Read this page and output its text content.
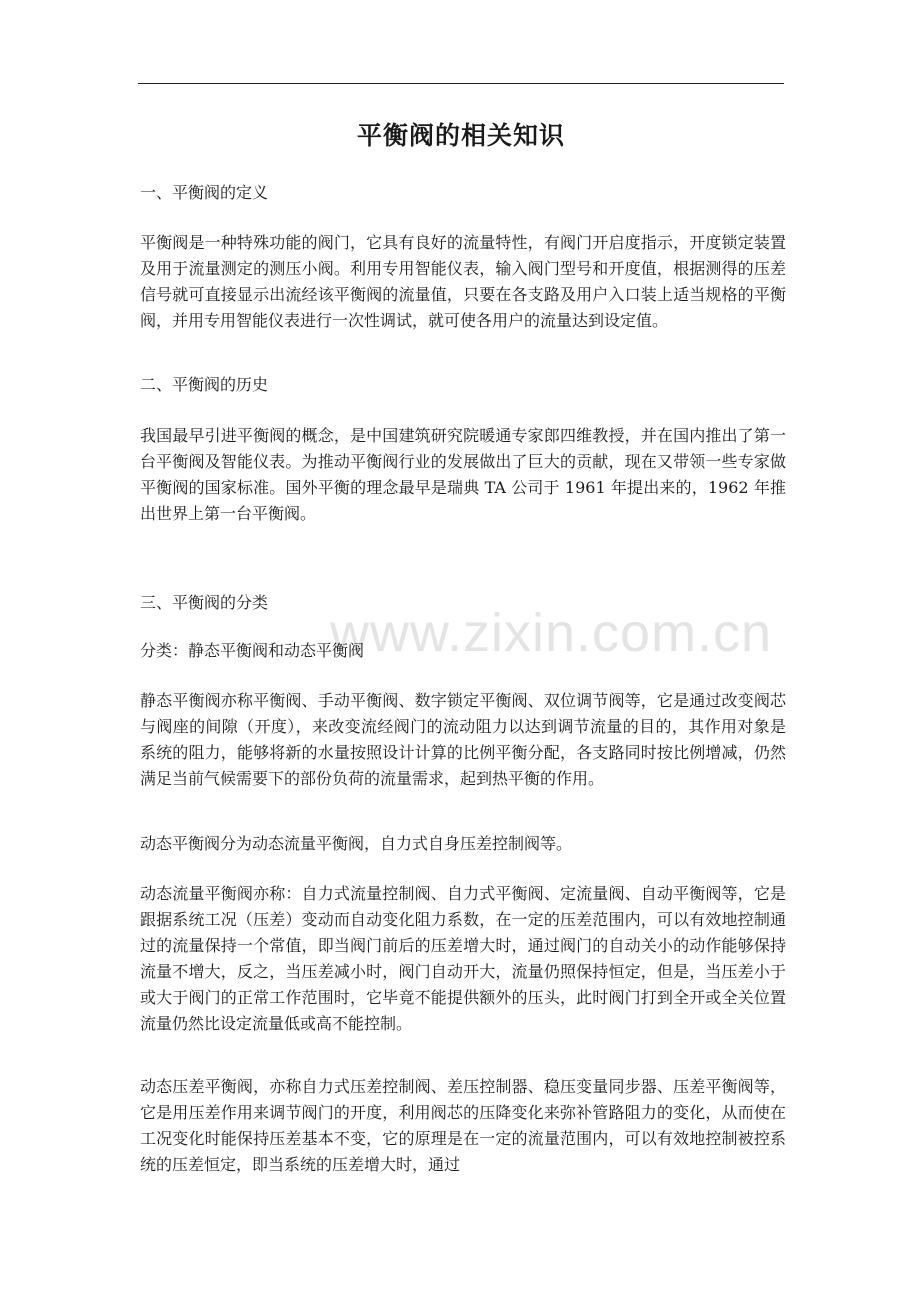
www.zixin.com.cn
平衡阀的相关知识

一、平衡阀的定义

平衡阀是一种特殊功能的阀门，它具有良好的流量特性，有阀门开启度指示，开度锁定装置及用于流量测定的测压小阀。利用专用智能仪表，输入阀门型号和开度值，根据测得的压差信号就可直接显示出流经该平衡阀的流量值，只要在各支路及用户入口装上适当规格的平衡阀，并用专用智能仪表进行一次性调试，就可使各用户的流量达到设定值。

二、平衡阀的历史

我国最早引进平衡阀的概念，是中国建筑研究院暖通专家郎四维教授，并在国内推出了第一台平衡阀及智能仪表。为推动平衡阀行业的发展做出了巨大的贡献，现在又带领一些专家做平衡阀的国家标准。国外平衡的理念最早是瑞典 TA 公司于 1961 年提出来的，1962 年推出世界上第一台平衡阀。

三、平衡阀的分类

分类：静态平衡阀和动态平衡阀

静态平衡阀亦称平衡阀、手动平衡阀、数字锁定平衡阀、双位调节阀等，它是通过改变阀芯与阀座的间隙（开度），来改变流经阀门的流动阻力以达到调节流量的目的，其作用对象是系统的阻力，能够将新的水量按照设计计算的比例平衡分配，各支路同时按比例增减，仍然满足当前气候需要下的部份负荷的流量需求，起到热平衡的作用。

动态平衡阀分为动态流量平衡阀，自力式自身压差控制阀等。

动态流量平衡阀亦称：自力式流量控制阀、自力式平衡阀、定流量阀、自动平衡阀等，它是跟据系统工况（压差）变动而自动变化阻力系数，在一定的压差范围内，可以有效地控制通过的流量保持一个常值，即当阀门前后的压差增大时，通过阀门的自动关小的动作能够保持流量不增大，反之，当压差减小时，阀门自动开大，流量仍照保持恒定，但是，当压差小于或大于阀门的正常工作范围时，它毕竟不能提供额外的压头，此时阀门打到全开或全关位置流量仍然比设定流量低或高不能控制。

动态压差平衡阀，亦称自力式压差控制阀、差压控制器、稳压变量同步器、压差平衡阀等，它是用压差作用来调节阀门的开度，利用阀芯的压降变化来弥补管路阻力的变化，从而使在工况变化时能保持压差基本不变，它的原理是在一定的流量范围内，可以有效地控制被控系统的压差恒定，即当系统的压差增大时，通过
